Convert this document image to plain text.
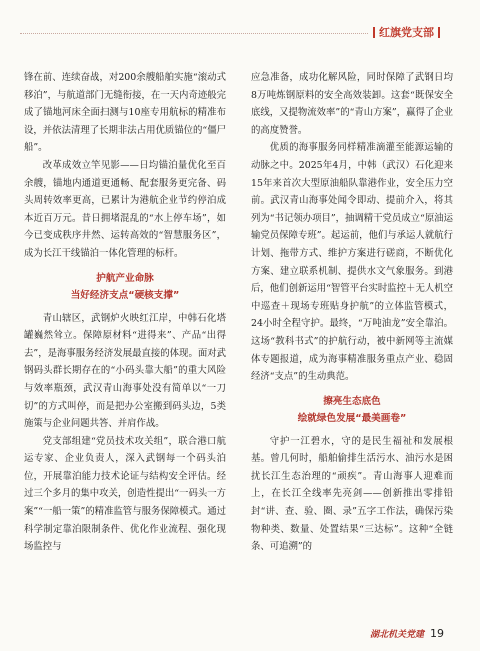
红旗党支部

锋在前、连续奋战，对200余艘船舶实施“滚动式移泊”，与航道部门无缝衔接，在一天内奇迹般完成了锚地河床全面扫测与10座专用航标的精准布设，并依法清理了长期非法占用优质锚位的“僵尸船”。

改革成效立竿见影——日均锚泊量优化至百余艘，锚地内通道更通畅、配套服务更完备、码头周转效率更高，已累计为港航企业节约停泊成本近百万元。昔日拥堵混乱的“水上停车场”，如今已变成秩序井然、运转高效的“智慧服务区”，成为长江干线锚泊一体化管理的标杆。

护航产业命脉
当好经济支点“硬核支撑”

青山辖区，武钢炉火映红江岸，中韩石化塔罐巍然耸立。保障原材料“进得来”、产品“出得去”，是海事服务经济发展最直接的体现。面对武钢码头群长期存在的“小码头靠大船”的重大风险与效率瓶颈，武汉青山海事处没有简单以“一刀切”的方式叫停，而是把办公室搬到码头边，5类施策与企业问题共答、并肩作战。

党支部组建“党员技术攻关组”，联合港口航运专家、企业负责人，深入武钢每一个码头泊位，开展靠泊能力技术论证与结构安全评估。经过三个多月的集中攻关，创造性提出“一码头一方案”“一船一策”的精准监管与服务保障模式。通过科学制定靠泊限制条件、优化作业流程、强化现场监控与

应急准备，成功化解风险，同时保障了武钢日均8万吨炼钢原料的安全高效装卸。这套“既保安全底线，又提物流效率”的“青山方案”，赢得了企业的高度赞誉。

优质的海事服务同样精准滴灌至能源运输的动脉之中。2025年4月，中韩（武汉）石化迎来15年来首次大型原油船队靠港作业，安全压力空前。武汉青山海事处闻令即动、提前介入，将其列为“书记领办项目”，抽调精干党员成立“原油运输党员保障专班”。起运前，他们与承运人就航行计划、拖带方式、维护方案进行磋商，不断优化方案、建立联系机制、提供水文气象服务。到港后，他们创新运用“智管平台实时监控＋无人机空中巡查＋现场专班贴身护航”的立体监管模式，24小时全程守护。最终，“万吨油龙”安全靠泊。这场“教科书式”的护航行动，被中新网等主流媒体专题报道，成为海事精准服务重点产业、稳固经济“支点”的生动典范。

擦亮生态底色
绘就绿色发展“最美画卷”

守护一江碧水，守的是民生福祉和发展根基。曾几何时，船舶偷排生活污水、油污水是困扰长江生态治理的“顽疾”。青山海事人迎难而上，在长江全线率先亮剑——创新推出零排铅封“讲、查、验、圈、录”五字工作法，确保污染物种类、数量、处置结果“三达标”。这种“全链条、可追溯”的

湖北机关党建 19
